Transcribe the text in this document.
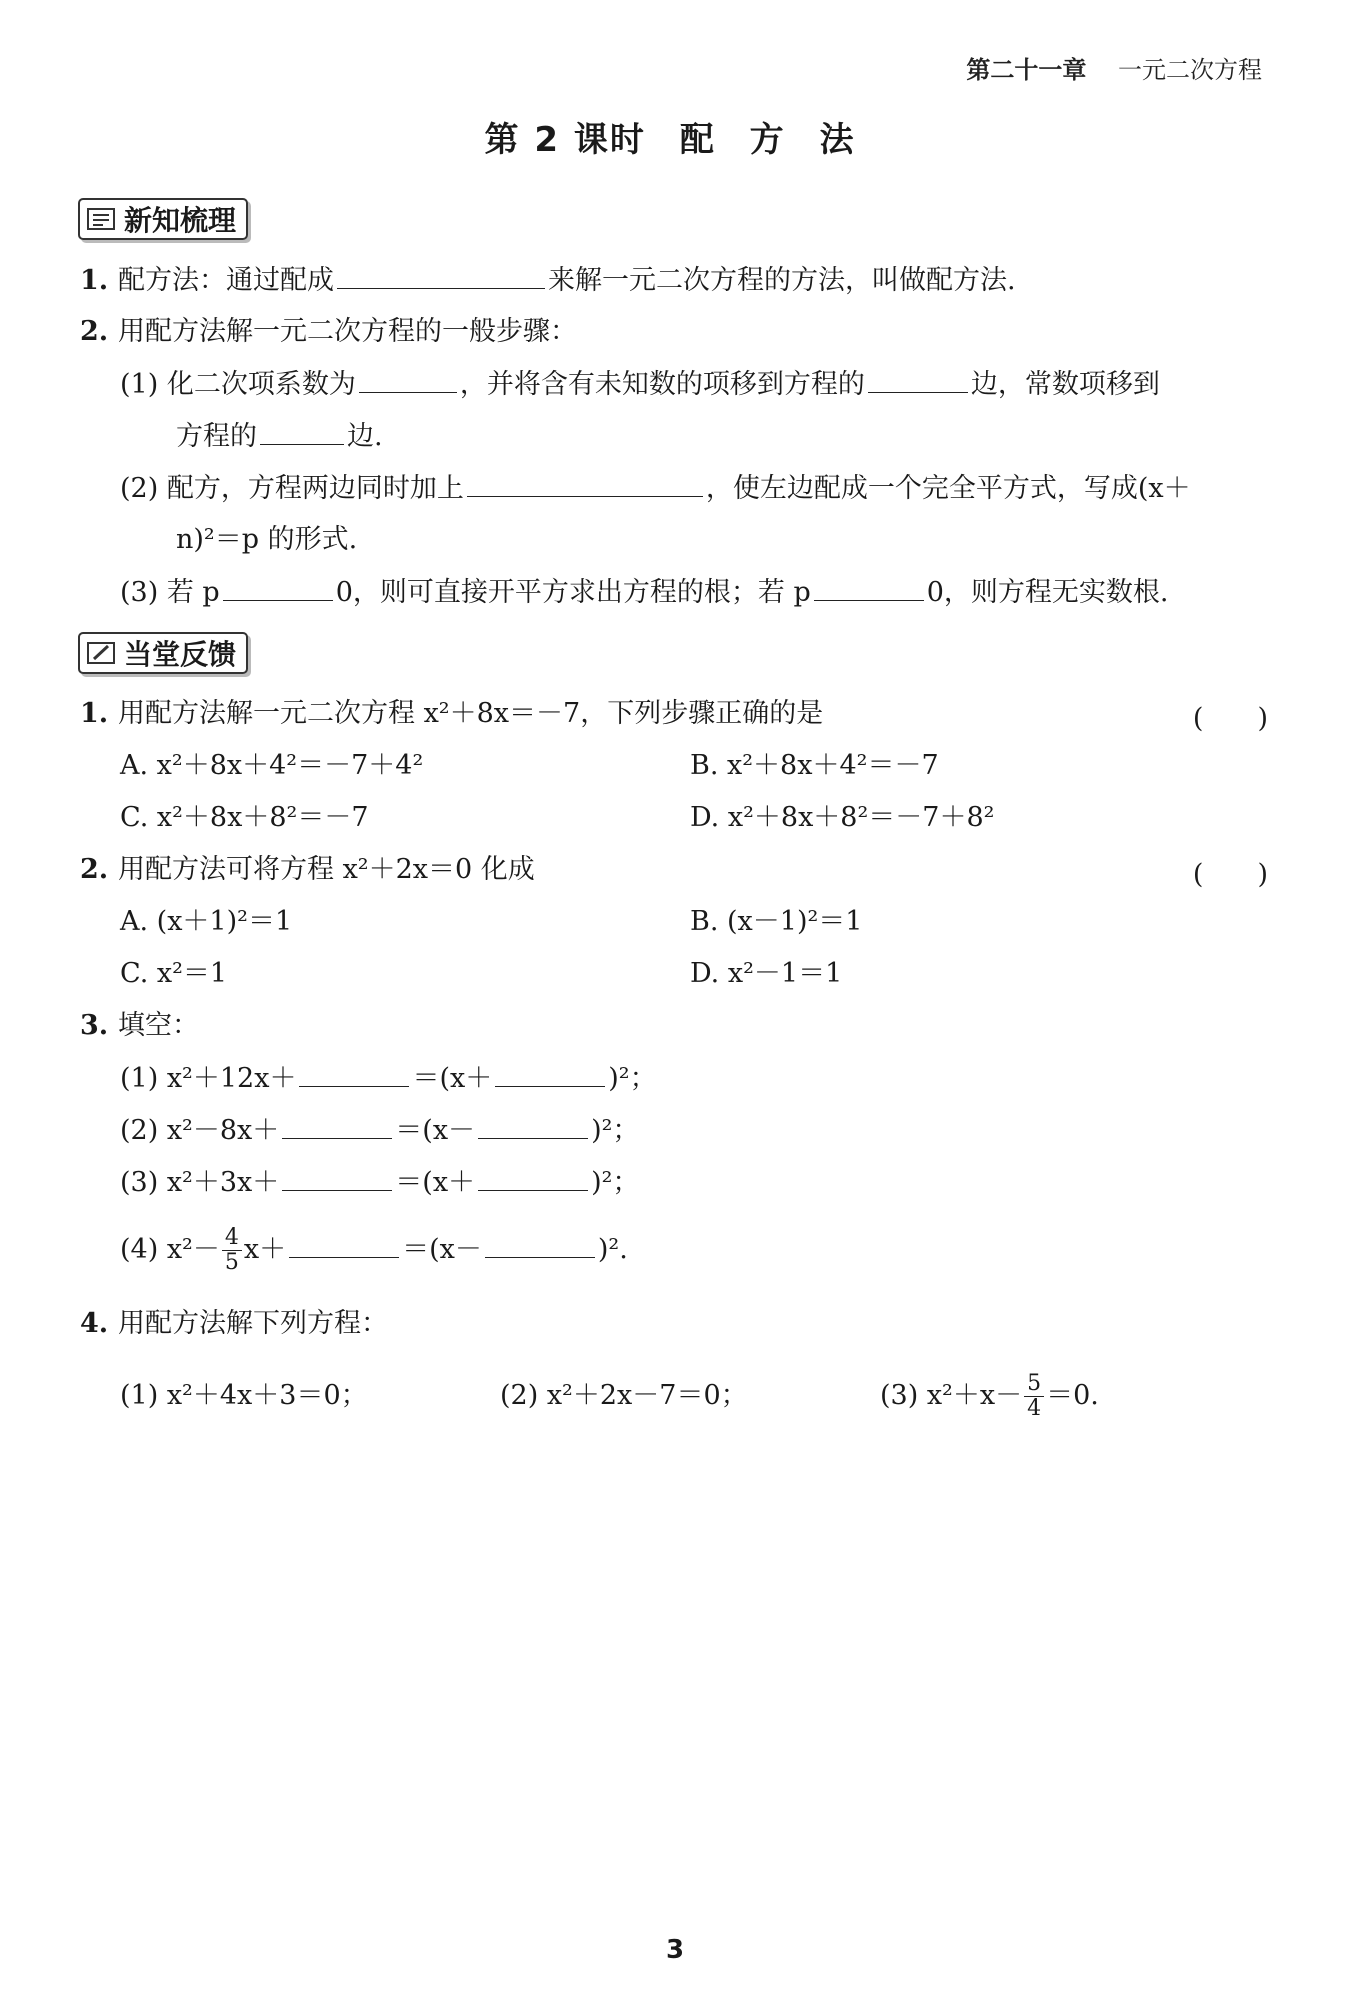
第二十一章 一元二次方程
第 2 课时 配 方 法
新知梳理
1. 配方法：通过配成	来解一元二次方程的方法，叫做配方法.
2. 用配方法解一元二次方程的一般步骤：
(1) 化二次项系数为	，并将含有未知数的项移到方程的	边，常数项移到
方程的	边.
(2) 配方，方程两边同时加上	，使左边配成一个完全平方式，写成(x＋
n)²＝p 的形式.
(3) 若 p	0，则可直接开平方求出方程的根；若 p	0，则方程无实数根.
当堂反馈
1. 用配方法解一元二次方程 x²＋8x＝－7，下列步骤正确的是	(　　)
A. x²＋8x＋4²＝－7＋4²	B. x²＋8x＋4²＝－7
C. x²＋8x＋8²＝－7	D. x²＋8x＋8²＝－7＋8²
2. 用配方法可将方程 x²＋2x＝0 化成	(　　)
A. (x＋1)²＝1	B. (x－1)²＝1
C. x²＝1	D. x²－1＝1
3. 填空：
(1) x²＋12x＋	＝(x＋	)²；
(2) x²－8x＋	＝(x－	)²；
(3) x²＋3x＋	＝(x＋	)²；
(4) $x^2- \frac{4}{5} x+$	＝(x－	)².
4. 用配方法解下列方程：
(1) x²＋4x＋3＝0；	(2) x²＋2x－7＝0；	(3) $x^2+x- \frac{5}{4} =0$.
3
